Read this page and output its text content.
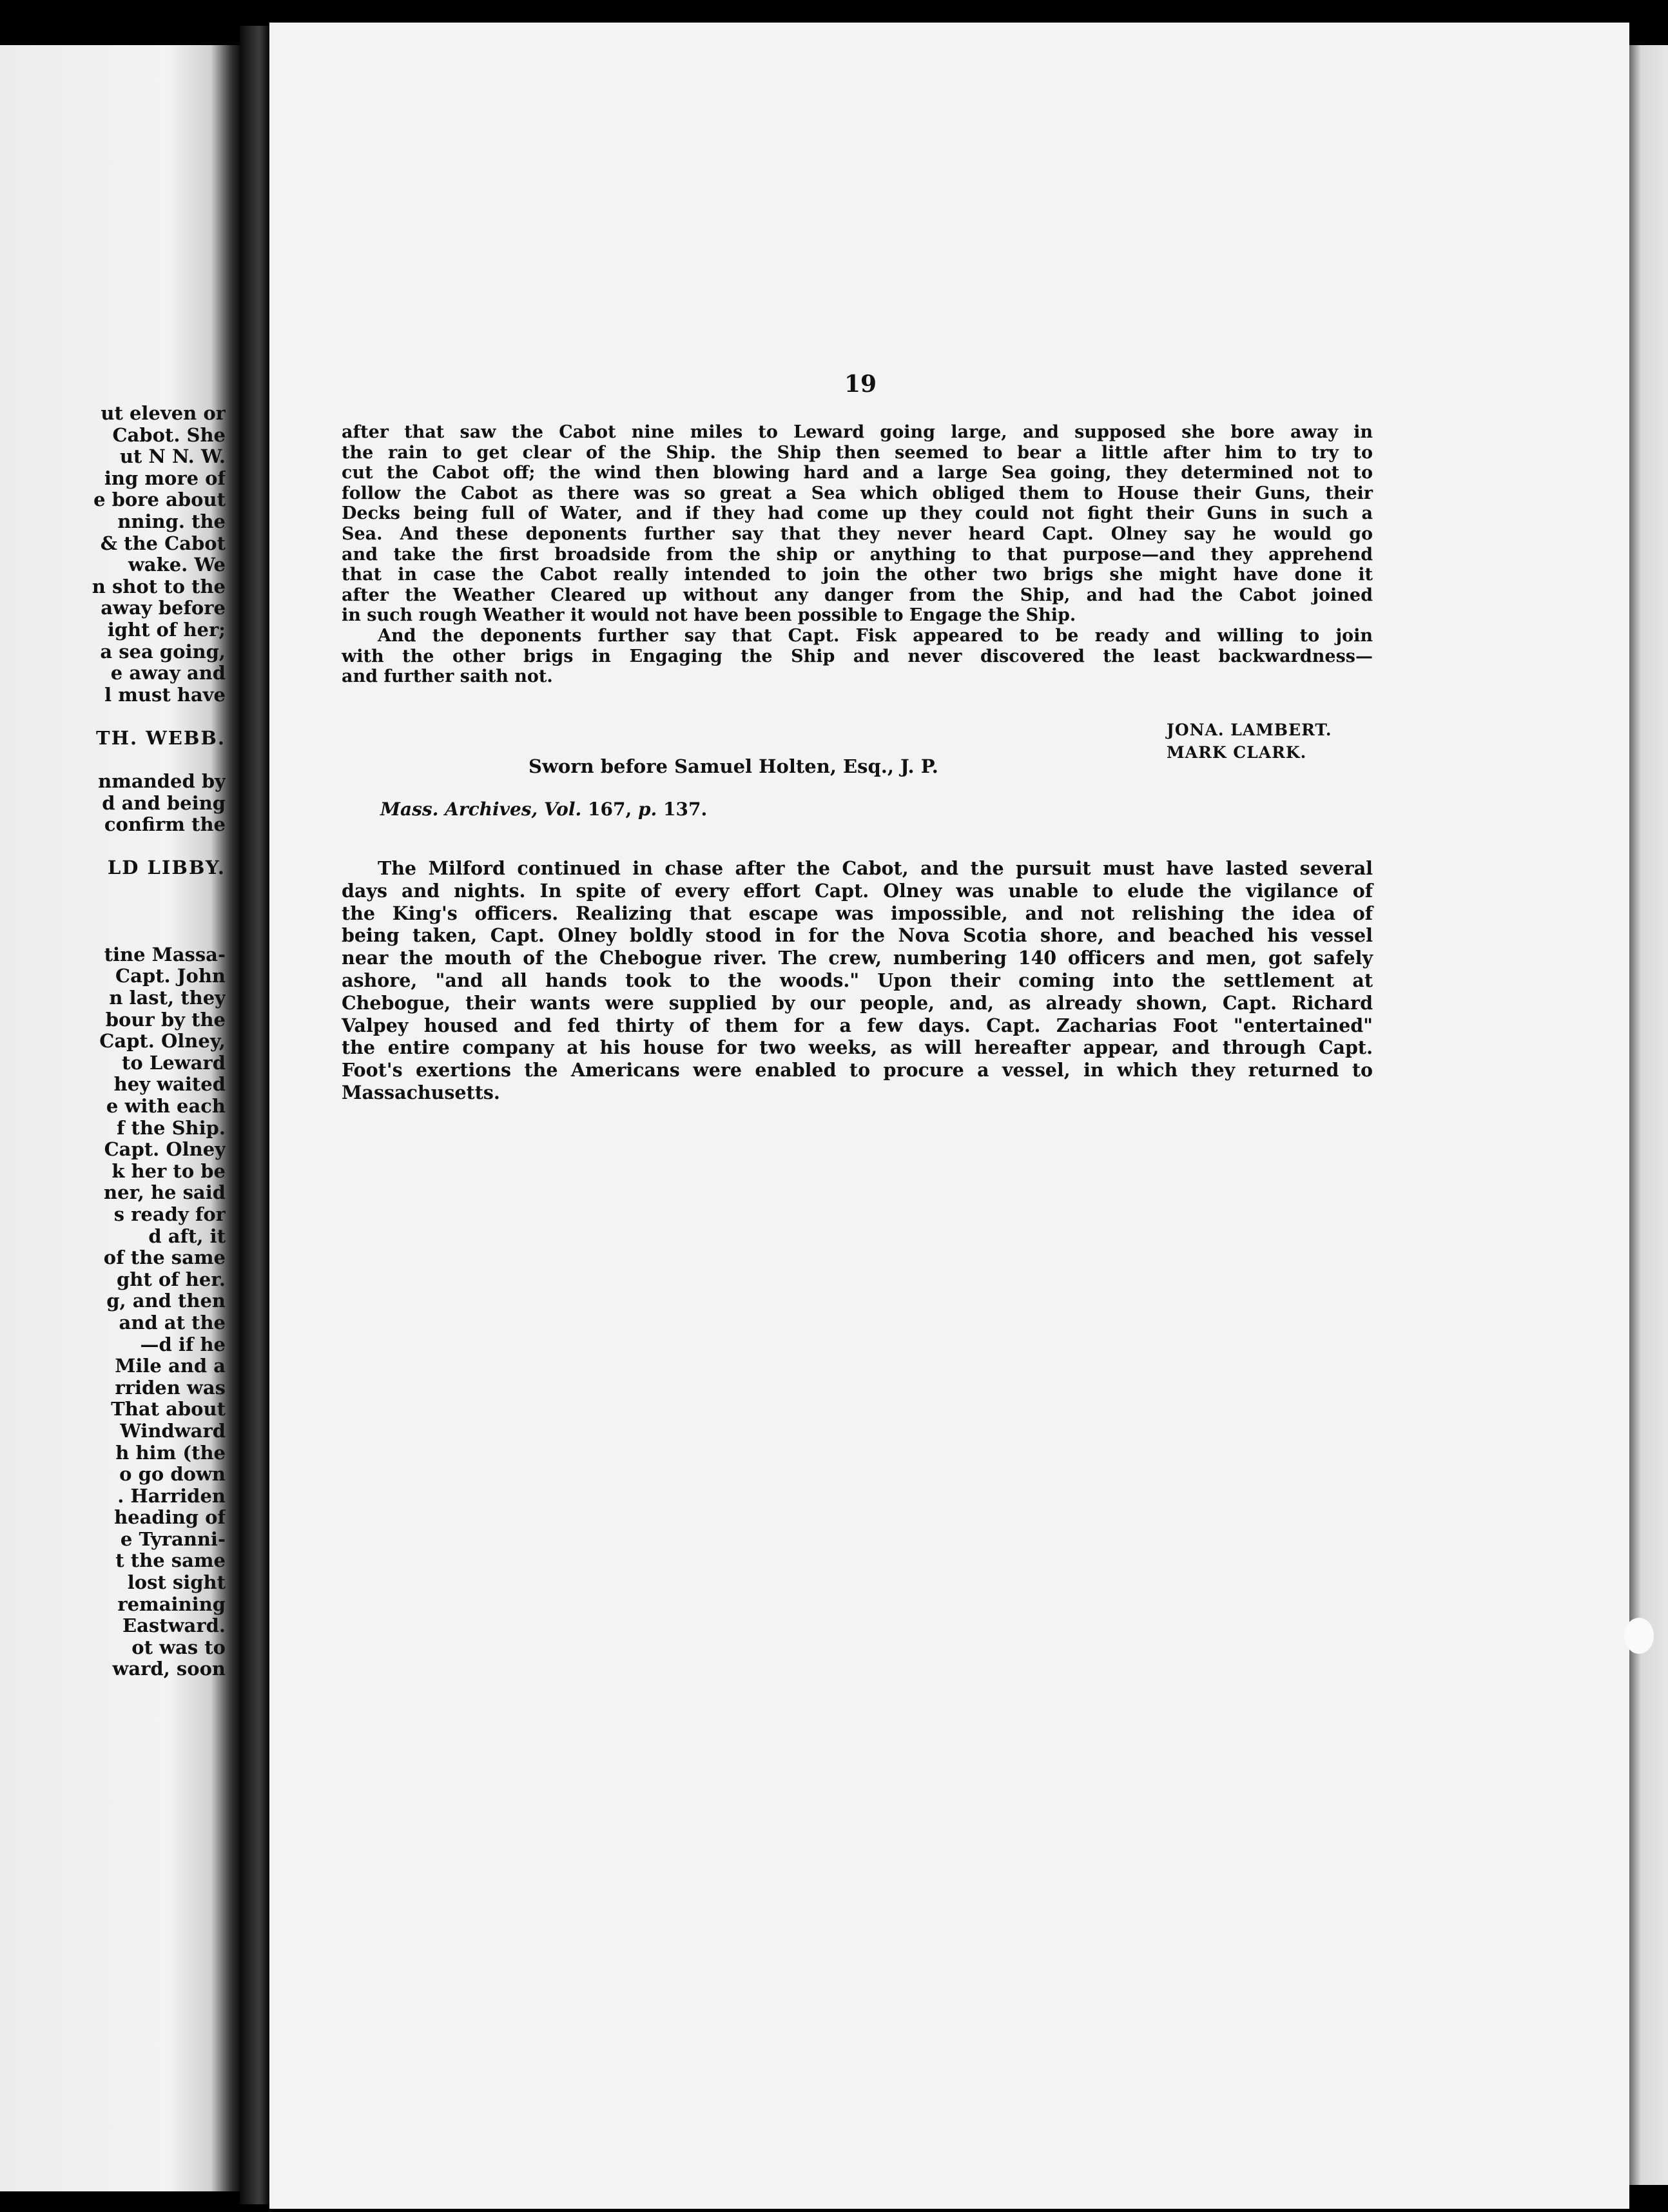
ut eleven or
Cabot. She
ut N N. W.
ing more of
e bore about
nning. the
& the Cabot
wake. We
n shot to the
away before
ight of her;
a sea going,
e away and
l must have
TH. WEBB.
nmanded by
d and being
confirm the
LD LIBBY.
tine Massa-
Capt. John
n last, they
bour by the
Capt. Olney,
to Leward
hey waited
e with each
f the Ship.
Capt. Olney
k her to be
ner, he said
s ready for
d aft, it
of the same
ght of her.
g, and then
and at the
—d if he
Mile and a
rriden was
That about
Windward
h him (the
o go down
. Harriden
heading of
e Tyranni-
t the same
lost sight
remaining
Eastward.
ot was to
ward, soon
19
after that saw the Cabot nine miles to Leward going large, and supposed she bore away in
the rain to get clear of the Ship. the Ship then seemed to bear a little after him to try to
cut the Cabot off; the wind then blowing hard and a large Sea going, they determined not to
follow the Cabot as there was so great a Sea which obliged them to House their Guns, their
Decks being full of Water, and if they had come up they could not fight their Guns in such a
Sea. And these deponents further say that they never heard Capt. Olney say he would go
and take the first broadside from the ship or anything to that purpose—and they apprehend
that in case the Cabot really intended to join the other two brigs she might have done it
after the Weather Cleared up without any danger from the Ship, and had the Cabot joined
in such rough Weather it would not have been possible to Engage the Ship.
And the deponents further say that Capt. Fisk appeared to be ready and willing to join
with the other brigs in Engaging the Ship and never discovered the least backwardness—
and further saith not.
JONA. LAMBERT.
MARK CLARK.
Sworn before Samuel Holten, Esq., J. P.
Mass. Archives, Vol. 167, p. 137.
The Milford continued in chase after the Cabot, and the pursuit must have lasted several
days and nights. In spite of every effort Capt. Olney was unable to elude the vigilance of
the King's officers. Realizing that escape was impossible, and not relishing the idea of
being taken, Capt. Olney boldly stood in for the Nova Scotia shore, and beached his vessel
near the mouth of the Chebogue river. The crew, numbering 140 officers and men, got safely
ashore, "and all hands took to the woods." Upon their coming into the settlement at
Chebogue, their wants were supplied by our people, and, as already shown, Capt. Richard
Valpey housed and fed thirty of them for a few days. Capt. Zacharias Foot "entertained"
the entire company at his house for two weeks, as will hereafter appear, and through Capt.
Foot's exertions the Americans were enabled to procure a vessel, in which they returned to
Massachusetts.
